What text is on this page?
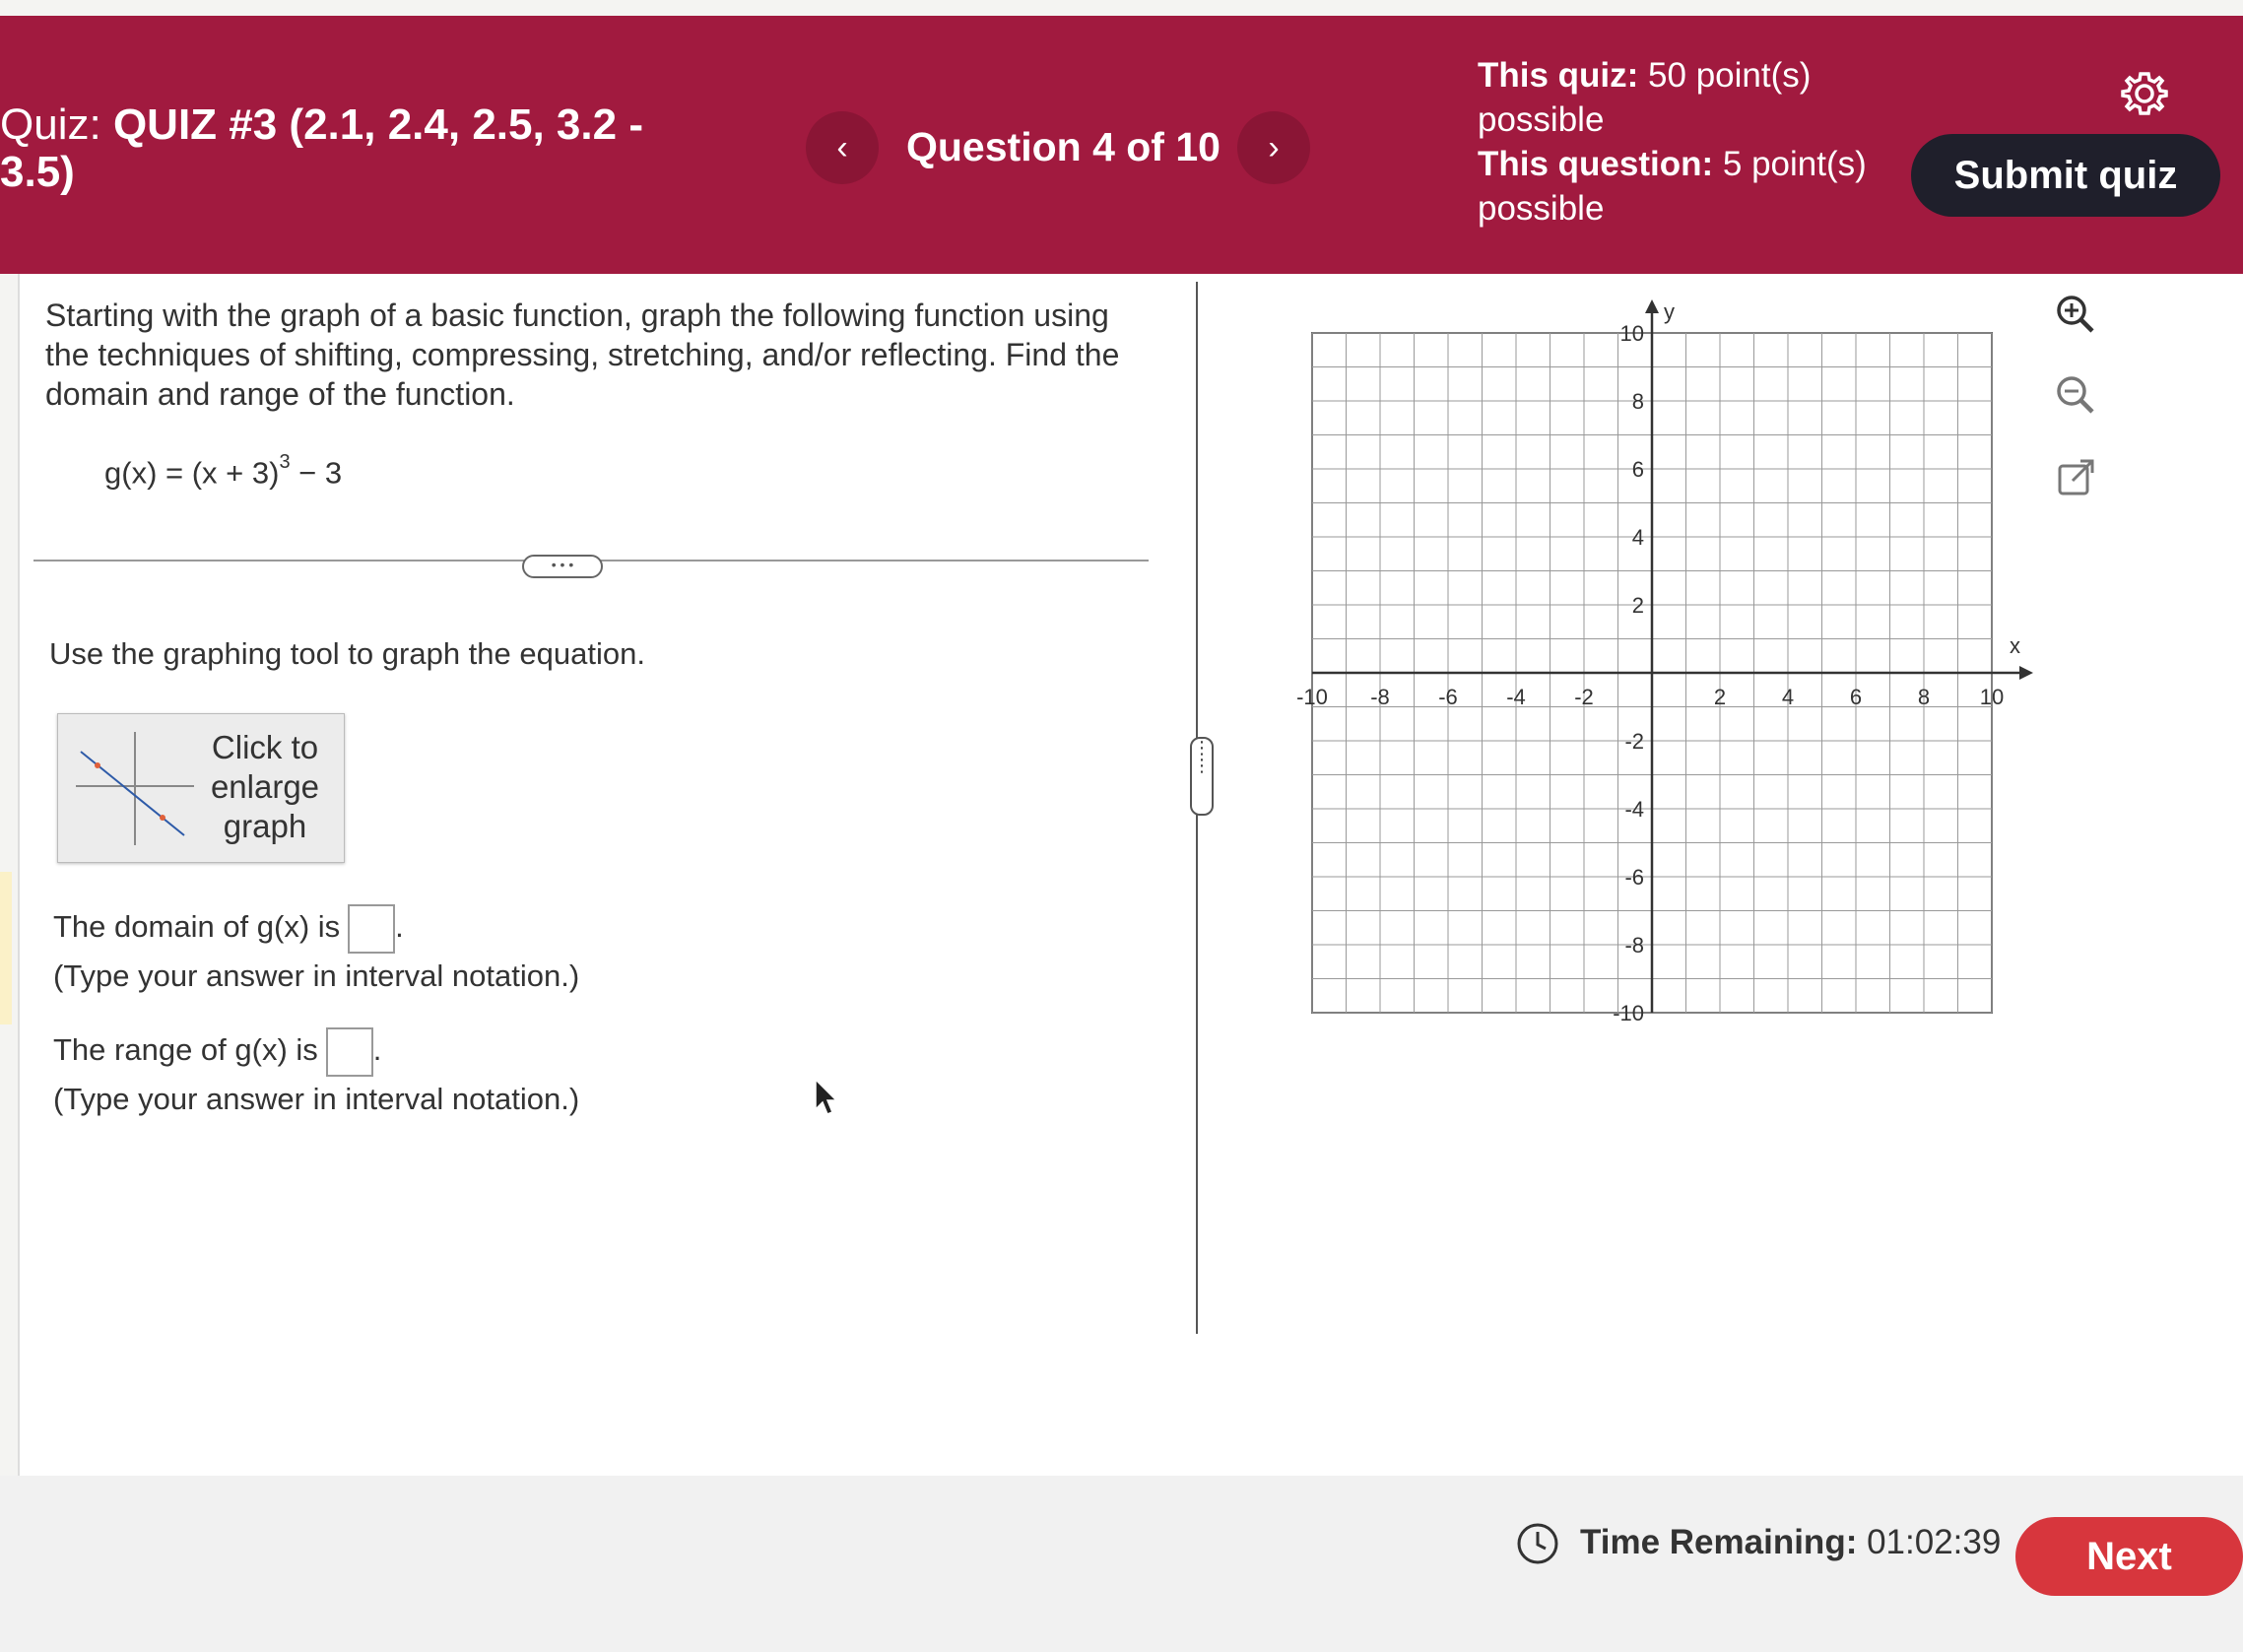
Quiz: QUIZ #3 (2.1, 2.4, 2.5, 3.2 - 3.5)	‹	Question 4 of 10	›
This quiz: 50 point(s) possible
This question: 5 point(s) possible
Submit quiz
Starting with the graph of a basic function, graph the following function using the techniques of shifting, compressing, stretching, and/or reflecting. Find the domain and range of the function.
$g(x) = (x + 3)^3 - 3$
• • •
Use the graphing tool to graph the equation.
Click to enlarge graph
The domain of g(x) is .
(Type your answer in interval notation.)
The range of g(x) is .
(Type your answer in interval notation.)
⋮
⋮
x
y
-10 -8 -6 -4 -2	2	4	6	8 10
10
8
6
4
2
-2
-4
-6
-8
-10
Time Remaining: 01:02:39	Next
